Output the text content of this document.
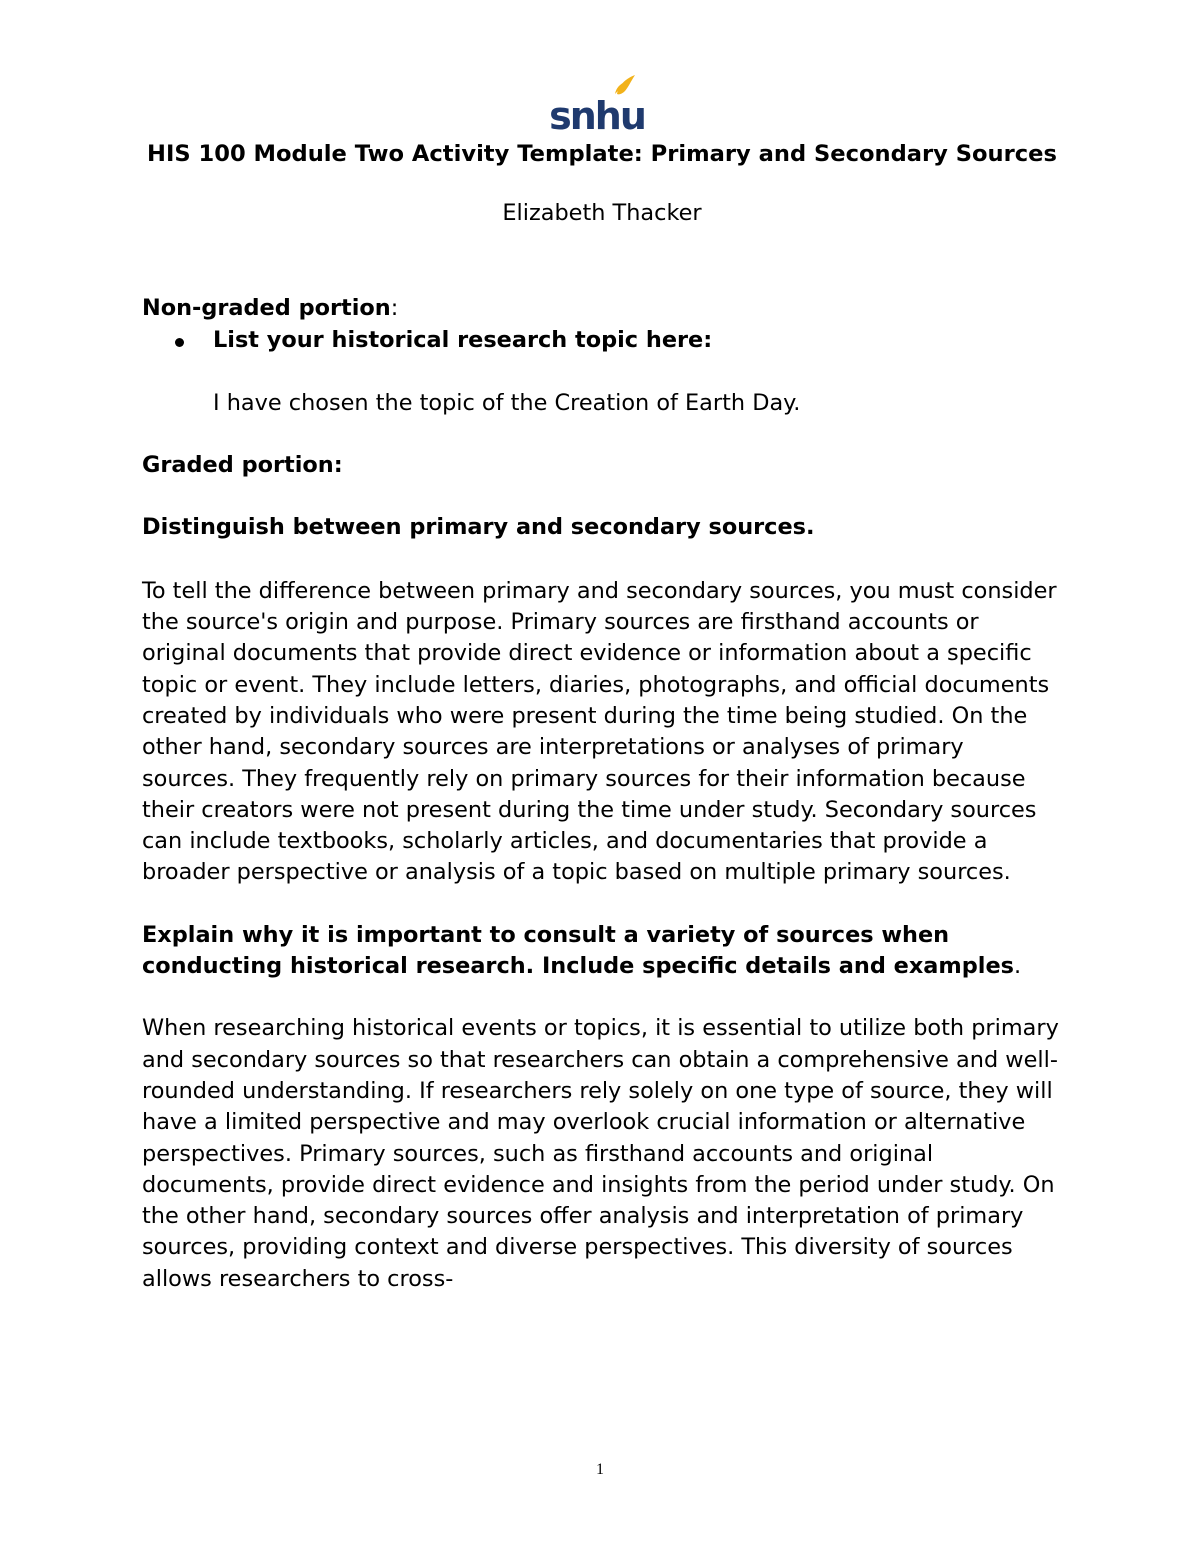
snhu

HIS 100 Module Two Activity Template: Primary and Secondary Sources

Elizabeth Thacker

Non-graded portion:

List your historical research topic here:

I have chosen the topic of the Creation of Earth Day.

Graded portion:

Distinguish between primary and secondary sources.

To tell the difference between primary and secondary sources, you must consider the source's origin and purpose. Primary sources are firsthand accounts or original documents that provide direct evidence or information about a specific topic or event. They include letters, diaries, photographs, and official documents created by individuals who were present during the time being studied. On the other hand, secondary sources are interpretations or analyses of primary sources. They frequently rely on primary sources for their information because their creators were not present during the time under study. Secondary sources can include textbooks, scholarly articles, and documentaries that provide a broader perspective or analysis of a topic based on multiple primary sources.

Explain why it is important to consult a variety of sources when conducting historical research. Include specific details and examples.

When researching historical events or topics, it is essential to utilize both primary and secondary sources so that researchers can obtain a comprehensive and well-rounded understanding. If researchers rely solely on one type of source, they will have a limited perspective and may overlook crucial information or alternative perspectives. Primary sources, such as firsthand accounts and original documents, provide direct evidence and insights from the period under study. On the other hand, secondary sources offer analysis and interpretation of primary sources, providing context and diverse perspectives. This diversity of sources allows researchers to cross-

1
